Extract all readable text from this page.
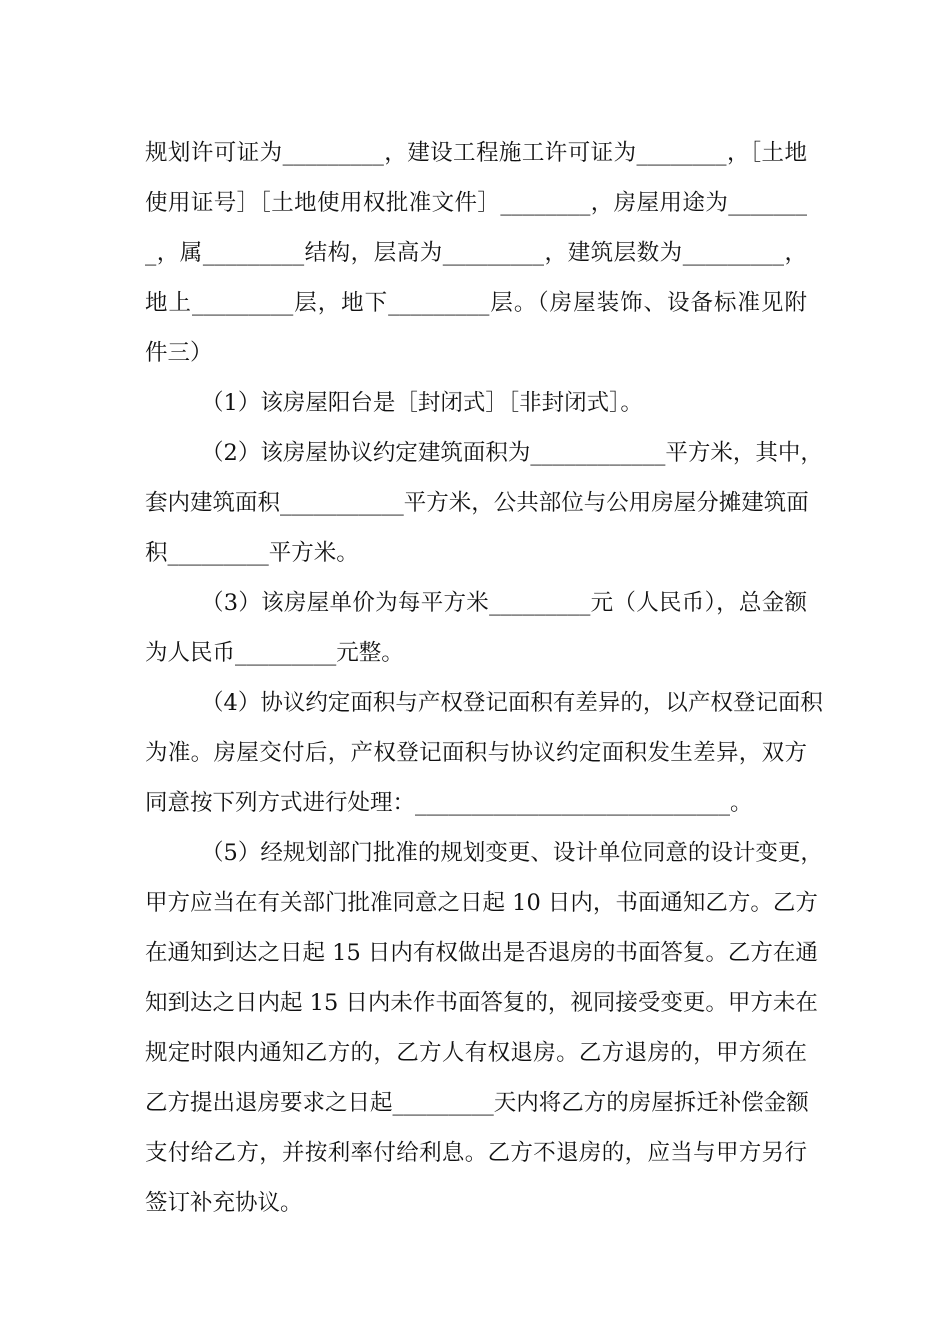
规划许可证为_________，建设工程施工许可证为________，［土地
使用证号］［土地使用权批准文件］________，房屋用途为_______
_，属_________结构，层高为_________，建筑层数为_________，
地上_________层，地下_________层。（房屋装饰、设备标准见附
件三）
（1）该房屋阳台是［封闭式］［非封闭式］。
（2）该房屋协议约定建筑面积为____________平方米，其中，
套内建筑面积___________平方米，公共部位与公用房屋分摊建筑面
积_________平方米。
（3）该房屋单价为每平方米_________元（人民币），总金额
为人民币_________元整。
（4）协议约定面积与产权登记面积有差异的，以产权登记面积
为准。房屋交付后，产权登记面积与协议约定面积发生差异，双方
同意按下列方式进行处理：____________________________。
（5）经规划部门批准的规划变更、设计单位同意的设计变更，
甲方应当在有关部门批准同意之日起 10 日内，书面通知乙方。乙方
在通知到达之日起 15 日内有权做出是否退房的书面答复。乙方在通
知到达之日内起 15 日内未作书面答复的，视同接受变更。甲方未在
规定时限内通知乙方的，乙方人有权退房。乙方退房的，甲方须在
乙方提出退房要求之日起_________天内将乙方的房屋拆迁补偿金额
支付给乙方，并按利率付给利息。乙方不退房的，应当与甲方另行
签订补充协议。
